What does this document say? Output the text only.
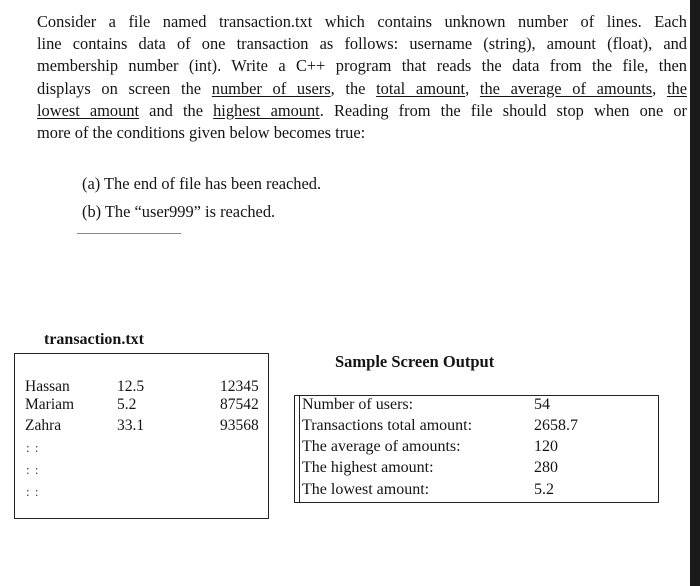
Consider a file named transaction.txt which contains unknown number of lines. Each
line contains data of one transaction as follows: username (string), amount (float), and
membership number (int). Write a C++ program that reads the data from the file, then
displays on screen the number of users, the total amount, the average of amounts, the
lowest amount and the highest amount. Reading from the file should stop when one or
more of the conditions given below becomes true:
(a) The end of file has been reached.
(b) The “user999” is reached.
transaction.txt
Hassan	12.5	12345
Mariam	5.2	87542
Zahra	33.1	93568
: :
: :
: :
Sample Screen Output
Number of users:	54
Transactions total amount:	2658.7
The average of amounts:	120
The highest amount:	280
The lowest amount:	5.2
